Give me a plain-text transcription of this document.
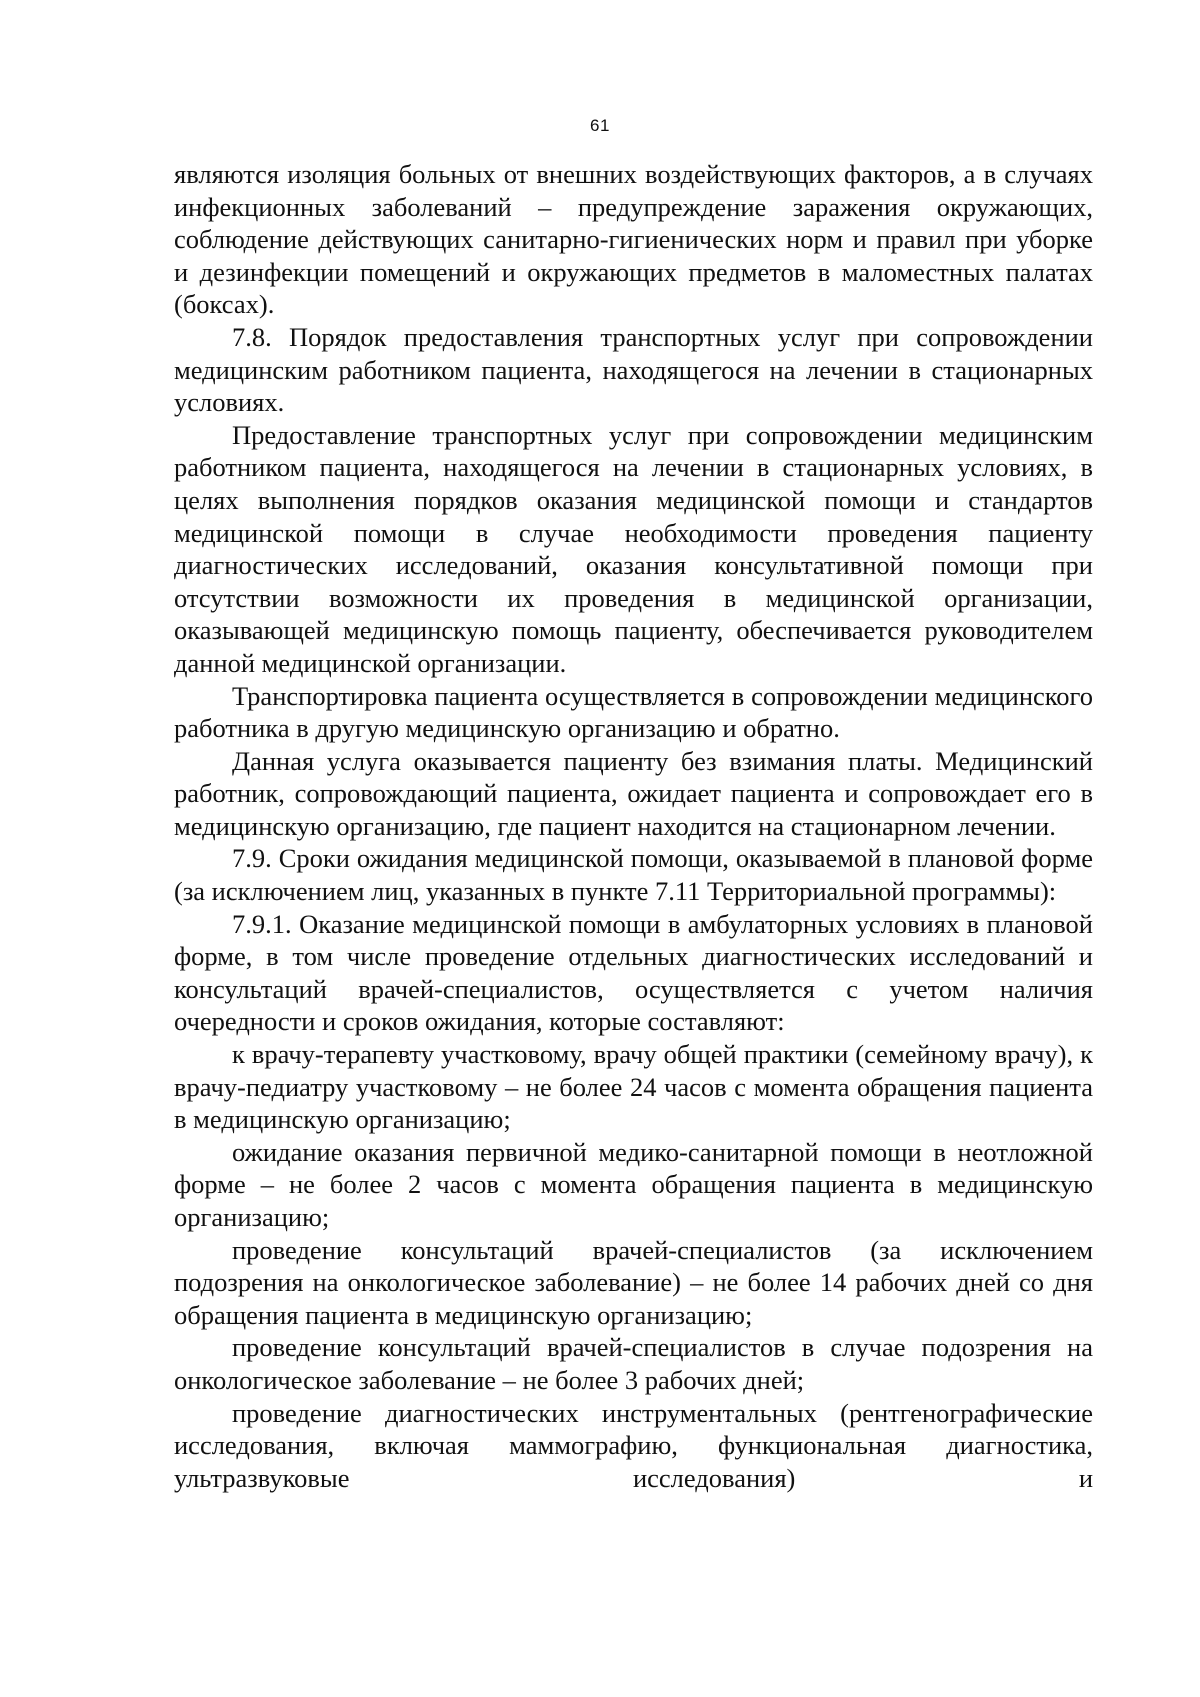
61

являются изоляция больных от внешних воздействующих факторов, а в случаях инфекционных заболеваний – предупреждение заражения окружающих, соблюдение действующих санитарно-гигиенических норм и правил при уборке и дезинфекции помещений и окружающих предметов в маломестных палатах (боксах).

7.8. Порядок предоставления транспортных услуг при сопровождении медицинским работником пациента, находящегося на лечении в стационарных условиях.

Предоставление транспортных услуг при сопровождении медицинским работником пациента, находящегося на лечении в стационарных условиях, в целях выполнения порядков оказания медицинской помощи и стандартов медицинской помощи в случае необходимости проведения пациенту диагностических исследований, оказания консультативной помощи при отсутствии возможности их проведения в медицинской организации, оказывающей медицинскую помощь пациенту, обеспечивается руководителем данной медицинской организации.

Транспортировка пациента осуществляется в сопровождении медицинского работника в другую медицинскую организацию и обратно.

Данная услуга оказывается пациенту без взимания платы. Медицинский работник, сопровождающий пациента, ожидает пациента и сопровождает его в медицинскую организацию, где пациент находится на стационарном лечении.

7.9. Сроки ожидания медицинской помощи, оказываемой в плановой форме (за исключением лиц, указанных в пункте 7.11 Территориальной программы):

7.9.1. Оказание медицинской помощи в амбулаторных условиях в плановой форме, в том числе проведение отдельных диагностических исследований и консультаций врачей-специалистов, осуществляется с учетом наличия очередности и сроков ожидания, которые составляют:

к врачу-терапевту участковому, врачу общей практики (семейному врачу), к врачу-педиатру участковому – не более 24 часов с момента обращения пациента в медицинскую организацию;

ожидание оказания первичной медико-санитарной помощи в неотложной форме – не более 2 часов с момента обращения пациента в медицинскую организацию;

проведение консультаций врачей-специалистов (за исключением подозрения на онкологическое заболевание) – не более 14 рабочих дней со дня обращения пациента в медицинскую организацию;

проведение консультаций врачей-специалистов в случае подозрения на онкологическое заболевание – не более 3 рабочих дней;

проведение диагностических инструментальных (рентгенографические исследования, включая маммографию, функциональная диагностика, ультразвуковые исследования) и
